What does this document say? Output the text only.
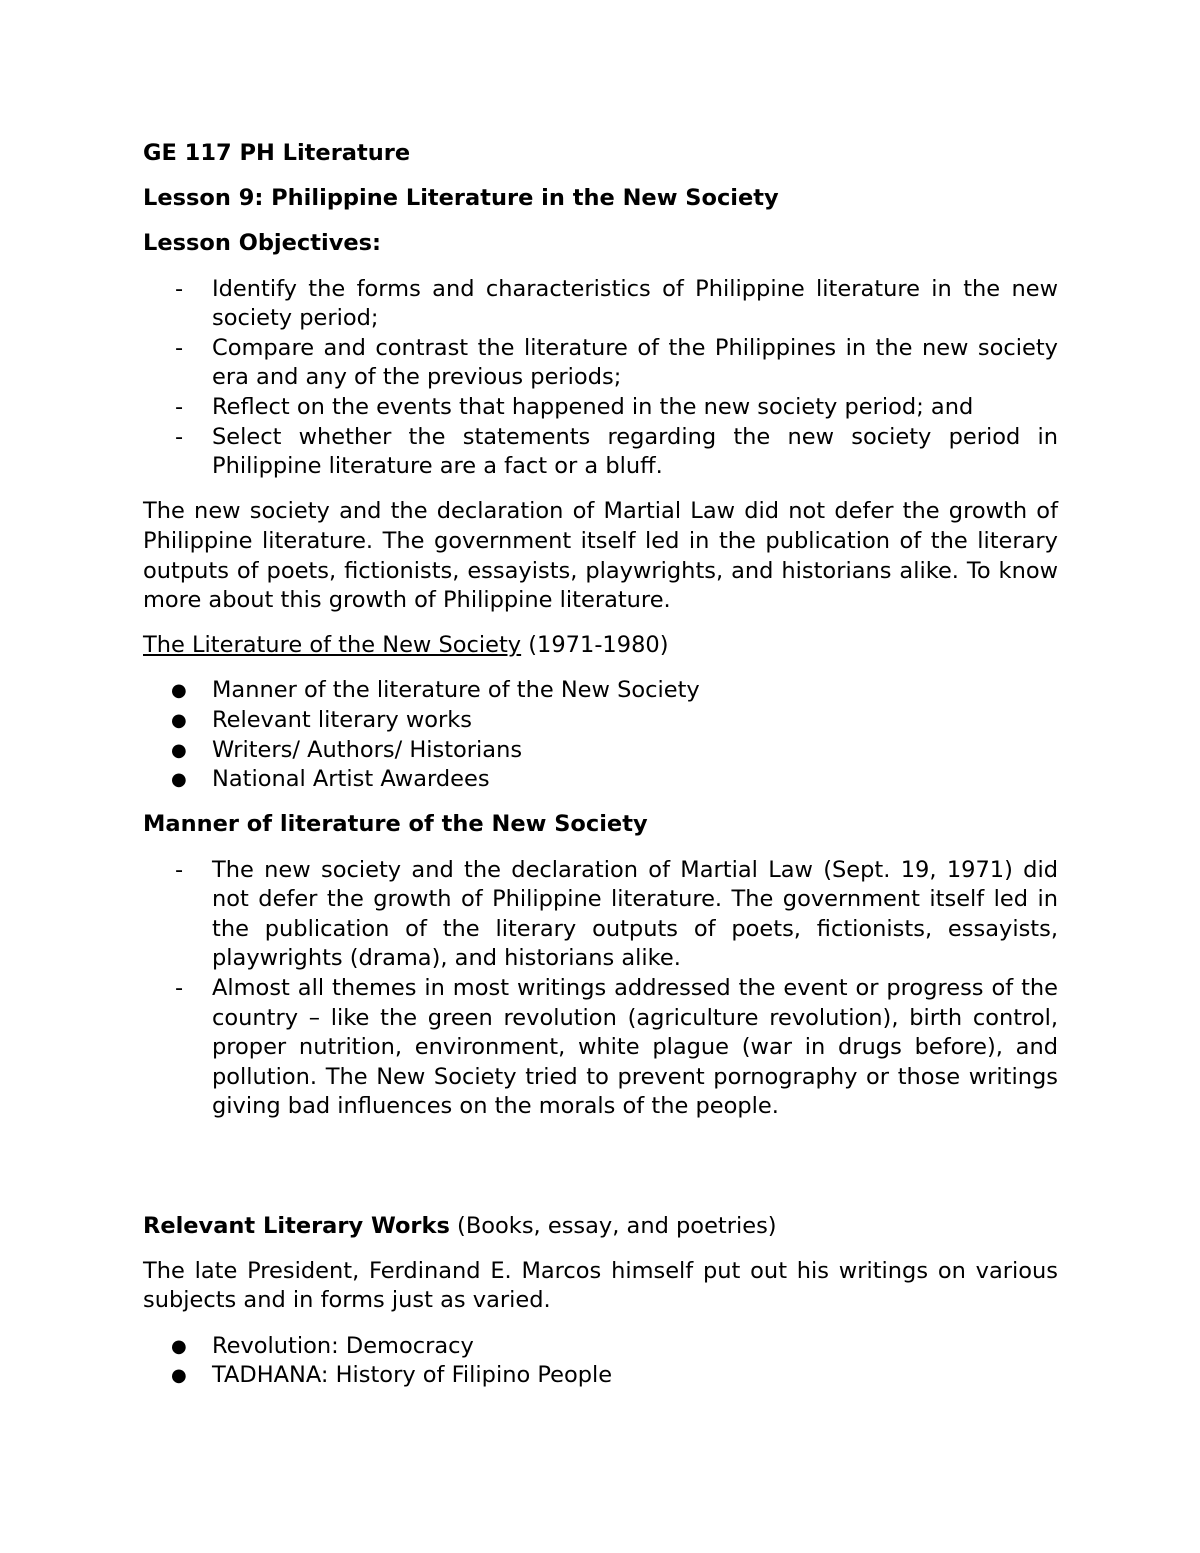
GE 117 PH Literature

Lesson 9: Philippine Literature in the New Society

Lesson Objectives:

- Identify the forms and characteristics of Philippine literature in the new society period;
- Compare and contrast the literature of the Philippines in the new society era and any of the previous periods;
- Reflect on the events that happened in the new society period; and
- Select whether the statements regarding the new society period in Philippine literature are a fact or a bluff.

The new society and the declaration of Martial Law did not defer the growth of Philippine literature. The government itself led in the publication of the literary outputs of poets, fictionists, essayists, playwrights, and historians alike. To know more about this growth of Philippine literature.

The Literature of the New Society (1971-1980)

● Manner of the literature of the New Society
● Relevant literary works
● Writers/ Authors/ Historians
● National Artist Awardees

Manner of literature of the New Society

- The new society and the declaration of Martial Law (Sept. 19, 1971) did not defer the growth of Philippine literature. The government itself led in the publication of the literary outputs of poets, fictionists, essayists, playwrights (drama), and historians alike.
- Almost all themes in most writings addressed the event or progress of the country – like the green revolution (agriculture revolution), birth control, proper nutrition, environment, white plague (war in drugs before), and pollution. The New Society tried to prevent pornography or those writings giving bad influences on the morals of the people.

Relevant Literary Works (Books, essay, and poetries)

The late President, Ferdinand E. Marcos himself put out his writings on various subjects and in forms just as varied.

● Revolution: Democracy
● TADHANA: History of Filipino People
